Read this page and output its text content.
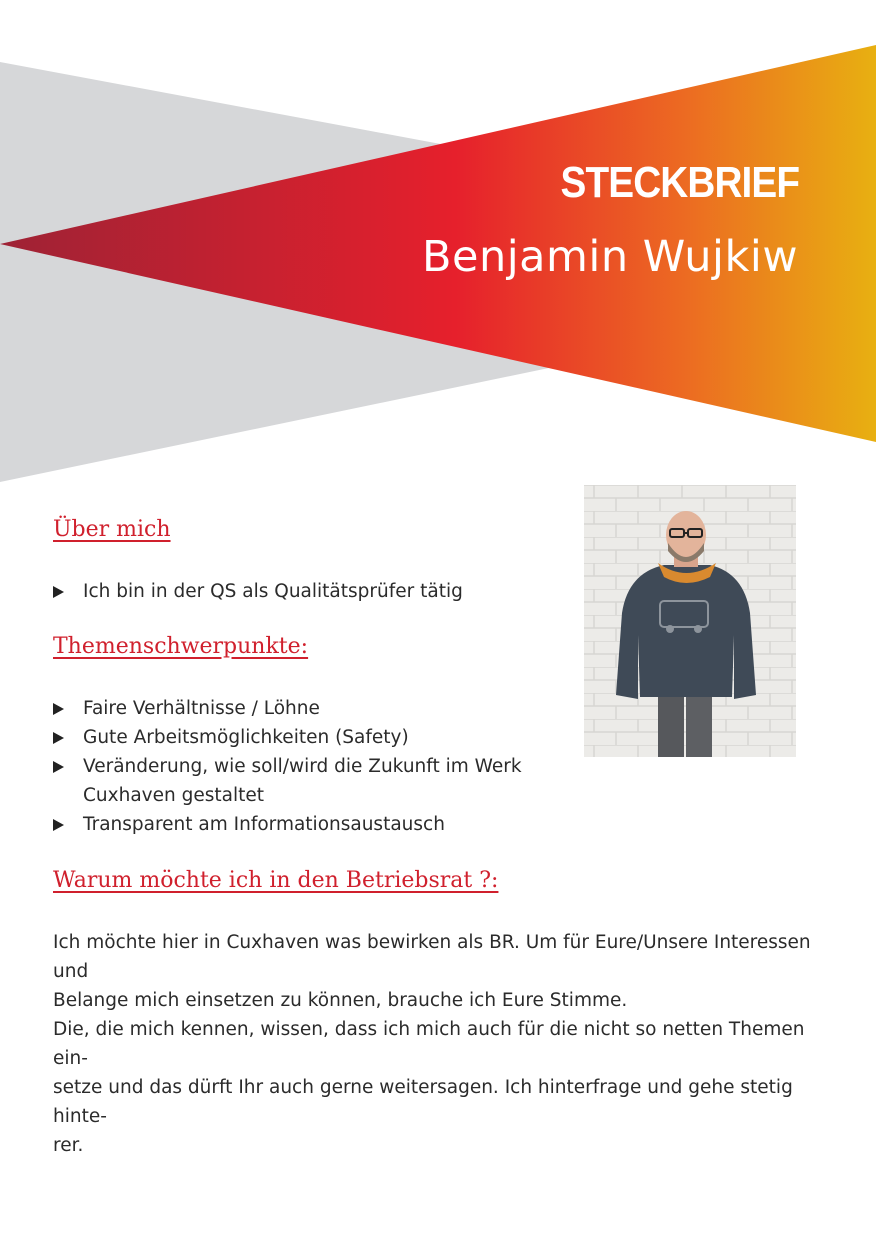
STECKBRIEF
Benjamin Wujkiw
Über mich
Ich bin in der QS als Qualitätsprüfer tätig
Themenschwerpunkte:
Faire Verhältnisse / Löhne
Gute Arbeitsmöglichkeiten (Safety)
Veränderung, wie soll/wird die Zukunft im Werk Cuxhaven gestaltet
Transparent am Informationsaustausch
Warum möchte ich in den Betriebsrat ?:

Ich möchte hier in Cuxhaven was bewirken als BR. Um für Eure/Unsere Interessen und
Belange mich einsetzen zu können, brauche ich Eure Stimme.
Die, die mich kennen, wissen, dass ich mich auch für die nicht so netten Themen ein-
setze und das dürft Ihr auch gerne weitersagen. Ich hinterfrage und gehe stetig hinte-
rer.
